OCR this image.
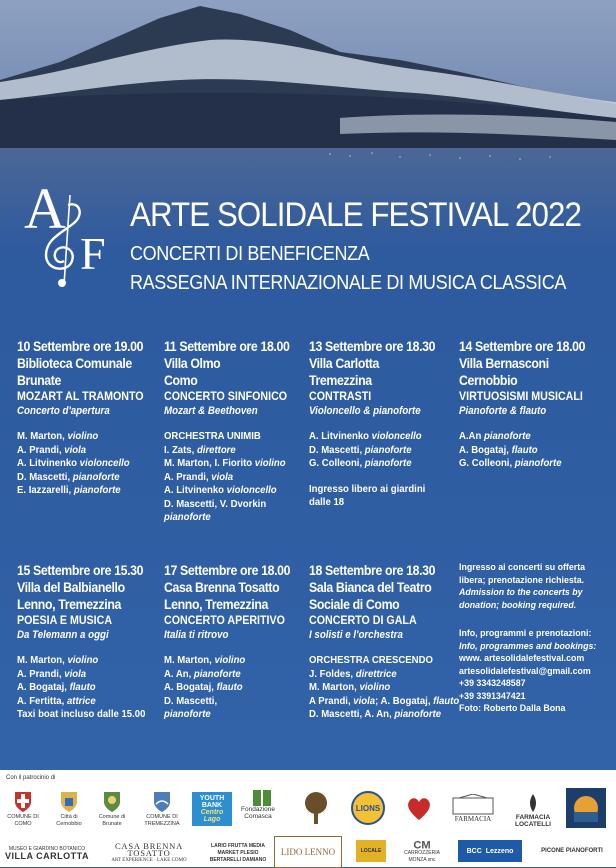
A
F
ARTE SOLIDALE FESTIVAL 2022
CONCERTI DI BENEFICENZA
RASSEGNA INTERNAZIONALE DI MUSICA CLASSICA
10 Settembre ore 19.00
Biblioteca Comunale
Brunate
MOZART AL TRAMONTO
Concerto d'apertura
M. Marton, violino
A. Prandi, viola
A. Litvinenko violoncello
D. Mascetti, pianoforte
E. Iazzarelli, pianoforte
11 Settembre ore 18.00
Villa Olmo
Como
CONCERTO SINFONICO
Mozart & Beethoven
ORCHESTRA UNIMIB
I. Zats, direttore
M. Marton, I. Fiorito violino
A. Prandi, viola
A. Litvinenko violoncello
D. Mascetti, V. Dvorkin
pianoforte
13 Settembre ore 18.30
Villa Carlotta
Tremezzina
CONTRASTI
Violoncello & pianoforte
A. Litvinenko violoncello
D. Mascetti, pianoforte
G. Colleoni, pianoforte
Ingresso libero ai giardini dalle 18
14 Settembre ore 18.00
Villa Bernasconi
Cernobbio
VIRTUOSISMI MUSICALI
Pianoforte & flauto
A.An pianoforte
A. Bogataj, flauto
G. Colleoni, pianoforte
15 Settembre ore 15.30
Villa del Balbianello
Lenno, Tremezzina
POESIA E MUSICA
Da Telemann a oggi
M. Marton, violino
A. Prandi, viola
A. Bogataj, flauto
A. Fertitta, attrice
Taxi boat incluso dalle 15.00
17 Settembre ore 18.00
Casa Brenna Tosatto
Lenno, Tremezzina
CONCERTO APERITIVO
Italia ti ritrovo
M. Marton, violino
A. An, pianoforte
A. Bogataj, flauto
D. Mascetti,
pianoforte
18 Settembre ore 18.30
Sala Bianca del Teatro
Sociale di Como
CONCERTO DI GALA
I solisti e l'orchestra
ORCHESTRA CRESCENDO
J. Foldes, direttrice
M. Marton, violino
A Prandi, viola; A. Bogataj, flauto
D. Mascetti, A. An, pianoforte
Ingresso ai concerti su offerta libera; prenotazione richiesta.
Admission to the concerts by donation; booking required.
Info, programmi e prenotazioni:
Info, programmes and bookings:
www. artesolidalefestival.com
artesolidalefestival@gmail.com
+39 3343248587
+39 3391347421
Foto: Roberto Dalla Bona
Con il patrocinio di
COMUNE DI COMO
Città di Cernobbio
Comune di Brunate
COMUNE DI TREMEZZINA
YOUTH BANK
Centro Lago
Fondazione Comasca
LIONS
FARMACIA	FARMACIA LOCATELLI
MUSEO E GIARDINO BOTANICO
VILLA CARLOTTA
CASA BRENNA TOSATTO
ART EXPERIENCE · LAKE COMO
LARIO FRUTTA MEDIA MARKET PLESIO BERTARELLI DAMIANO
LIDO LENNO	LOCALE CM
CARROZZERIA MONZA snc
BCC Lezzeno	PICONE PIANOFORTI
